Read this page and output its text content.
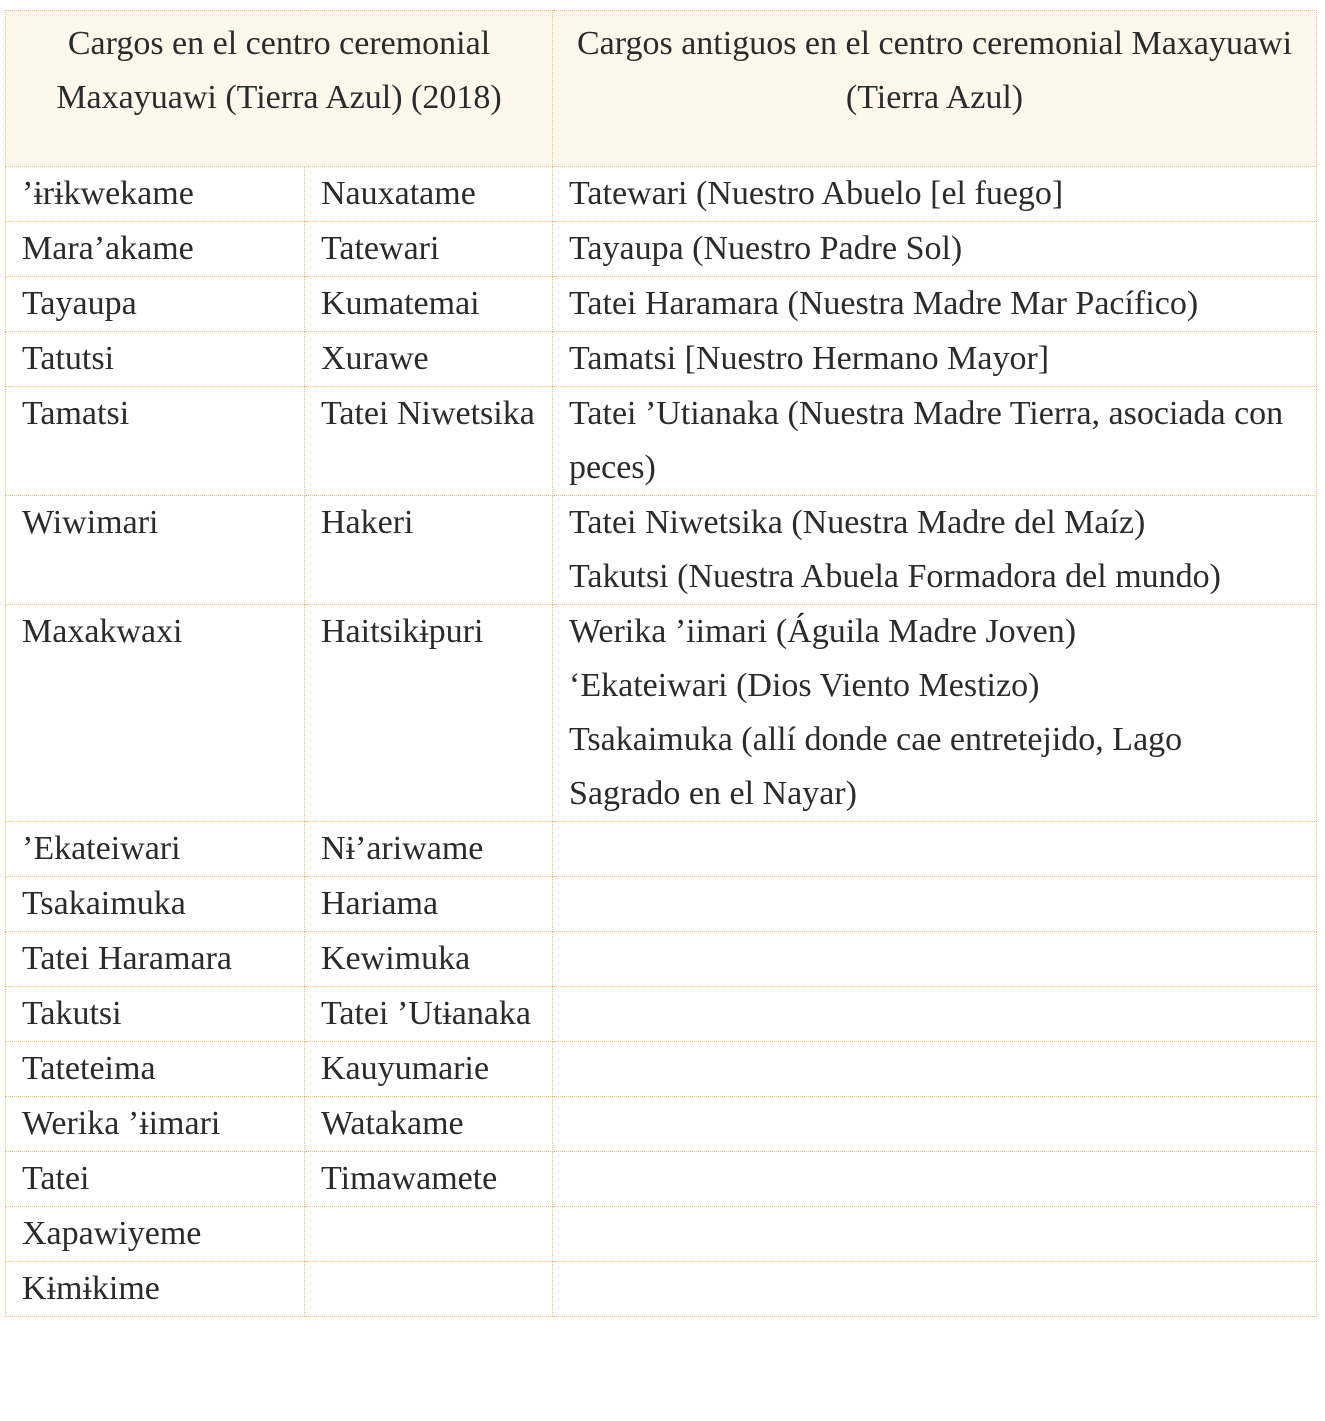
Cargos en el centro ceremonial Maxayuawi (Tierra Azul) (2018)		Cargos antiguos en el centro ceremonial Maxayuawi (Tierra Azul)
’ɨrɨkwekame	Nauxatame	Tatewari (Nuestro Abuelo [el fuego]

Mara’akame	Tatewari	Tayaupa (Nuestro Padre Sol)

Tayaupa	Kumatemai	Tatei Haramara (Nuestra Madre Mar Pacífico)

Tatutsi	Xurawe	Tamatsi [Nuestro Hermano Mayor]

Tamatsi	Tatei Niwetsika	Tatei ’Utianaka (Nuestra Madre Tierra, asociada con peces)

Wiwimari	Hakeri	Tatei Niwetsika (Nuestra Madre del Maíz)
Takutsi (Nuestra Abuela Formadora del mundo)

Maxakwaxi	Haitsikɨpuri	Werika ’iimari (Águila Madre Joven)
‘Ekateiwari (Dios Viento Mestizo)
Tsakaimuka (allí donde cae entretejido, Lago Sagrado en el Nayar)

’Ekateiwari	Nɨ’ariwame	
Tsakaimuka	Hariama	
Tatei Haramara	Kewimuka	
Takutsi	Tatei ’Utɨanaka	
Tateteima	Kauyumarie	
Werika ’ɨimari	Watakame	
Tatei	Timawamete	
Xapawiyeme		
Kɨmɨkime		
